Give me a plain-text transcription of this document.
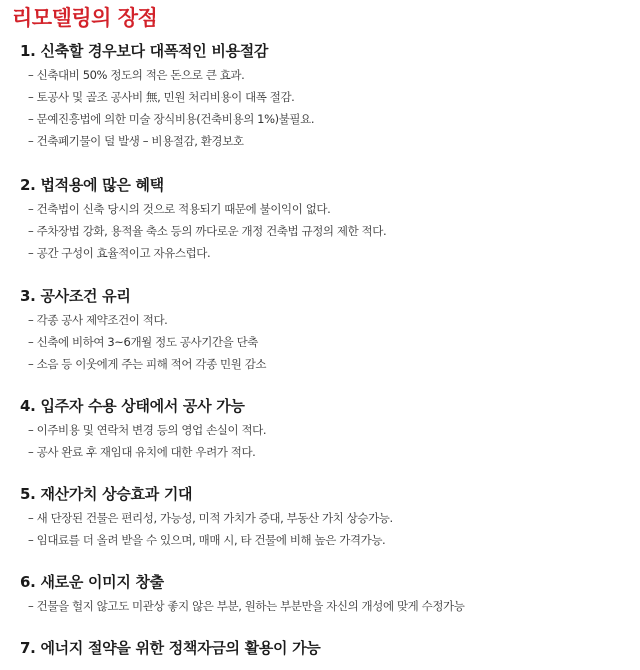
리모델링의 장점
1. 신축할 경우보다 대폭적인 비용절감
– 신축대비 50% 정도의 적은 돈으로 큰 효과.
– 토공사 및 골조 공사비 無, 민원 처리비용이 대폭 절감.
– 문예진흥법에 의한 미술 장식비용(건축비용의 1%)불필요.
– 건축폐기물이 덜 발생 – 비용절감, 환경보호
2. 법적용에 많은 혜택
– 건축법이 신축 당시의 것으로 적용되기 때문에 불이익이 없다.
– 주차장법 강화, 용적율 축소 등의 까다로운 개정 건축법 규정의 제한 적다.
– 공간 구성이 효율적이고 자유스럽다.
3. 공사조건 유리
– 각종 공사 제약조건이 적다.
– 신축에 비하여 3~6개월 정도 공사기간을 단축
– 소음 등 이웃에게 주는 피해 적어 각종 민원 감소
4. 입주자 수용 상태에서 공사 가능
– 이주비용 및 연락처 변경 등의 영업 손실이 적다.
– 공사 완료 후 재임대 유치에 대한 우려가 적다.
5. 재산가치 상승효과 기대
– 새 단장된 건물은 편리성, 가능성, 미적 가치가 증대, 부동산 가치 상승가능.
– 임대료를 더 올려 받을 수 있으며, 매매 시, 타 건물에 비해 높은 가격가능.
6. 새로운 이미지 창출
– 건물을 헐지 않고도 미관상 좋지 않은 부분, 원하는 부분만을 자신의 개성에 맞게 수정가능
7. 에너지 절약을 위한 정책자금의 활용이 가능
